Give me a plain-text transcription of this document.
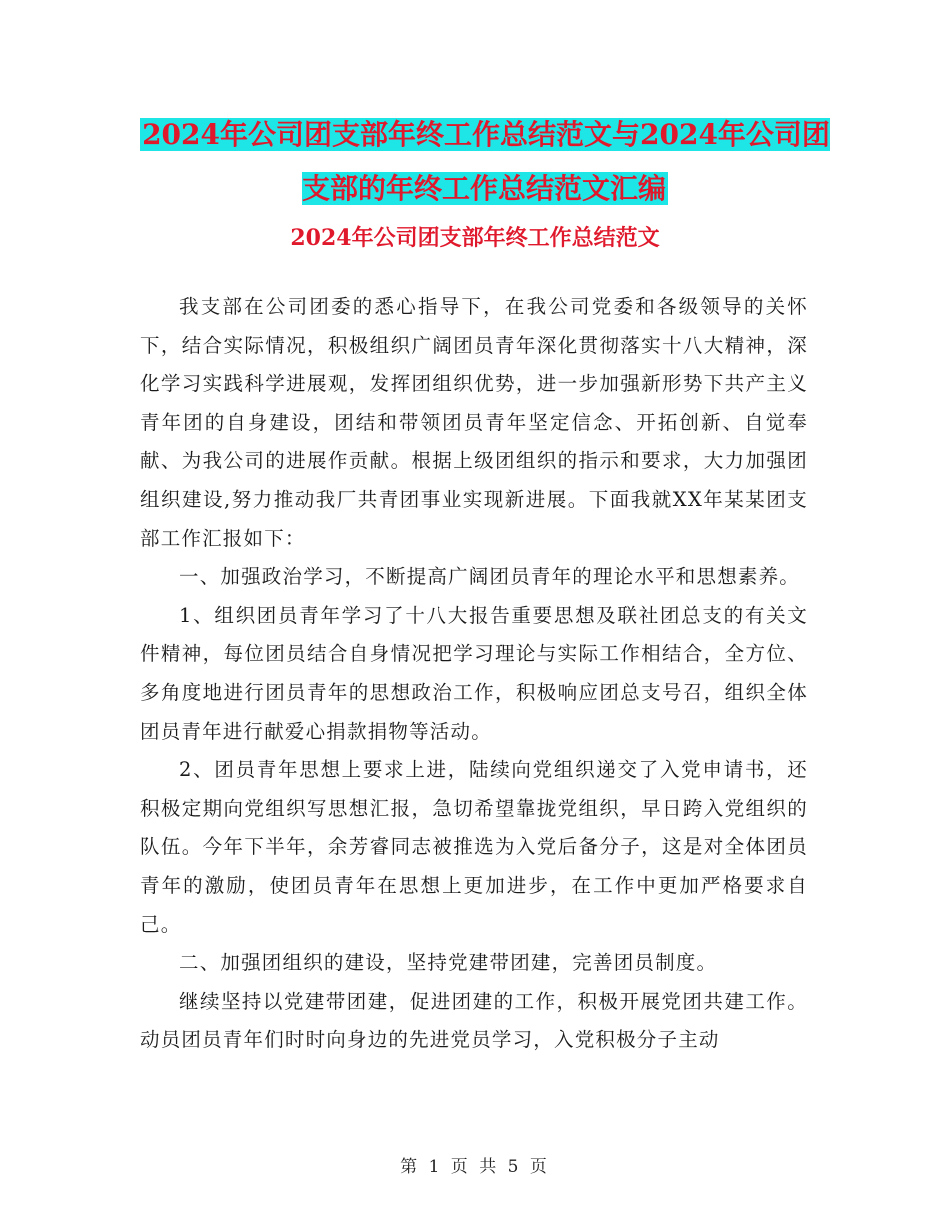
2024年公司团支部年终工作总结范文与2024年公司团支部的年终工作总结范文汇编
2024年公司团支部年终工作总结范文

我支部在公司团委的悉心指导下，在我公司党委和各级领导的关怀下，结合实际情况，积极组织广阔团员青年深化贯彻落实十八大精神，深化学习实践科学进展观，发挥团组织优势，进一步加强新形势下共产主义青年团的自身建设，团结和带领团员青年坚定信念、开拓创新、自觉奉献、为我公司的进展作贡献。根据上级团组织的指示和要求，大力加强团组织建设,努力推动我厂共青团事业实现新进展。下面我就XX年某某团支部工作汇报如下：

一、加强政治学习，不断提高广阔团员青年的理论水平和思想素养。

1、组织团员青年学习了十八大报告重要思想及联社团总支的有关文件精神，每位团员结合自身情况把学习理论与实际工作相结合，全方位、多角度地进行团员青年的思想政治工作，积极响应团总支号召，组织全体团员青年进行献爱心捐款捐物等活动。

2、团员青年思想上要求上进，陆续向党组织递交了入党申请书，还积极定期向党组织写思想汇报，急切希望靠拢党组织，早日跨入党组织的队伍。今年下半年，余芳睿同志被推选为入党后备分子，这是对全体团员青年的激励，使团员青年在思想上更加进步，在工作中更加严格要求自己。

二、加强团组织的建设，坚持党建带团建，完善团员制度。

继续坚持以党建带团建，促进团建的工作，积极开展党团共建工作。动员团员青年们时时向身边的先进党员学习，入党积极分子主动

第 1 页 共 5 页
